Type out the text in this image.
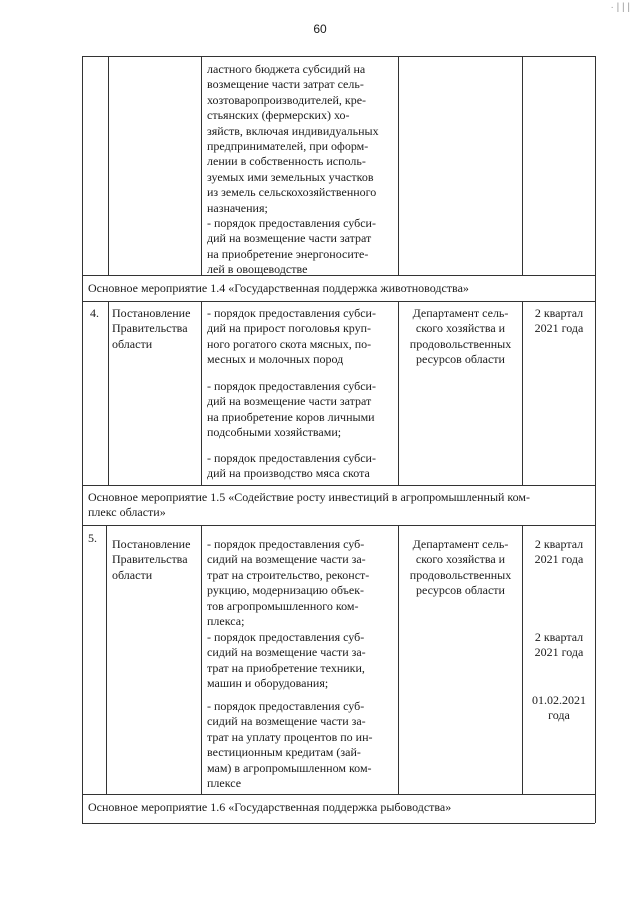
60
· | | |
ластного бюджета субсидий на
возмещение части затрат сель-
хозтоваропроизводителей, кре-
стьянских (фермерских) хо-
зяйств, включая индивидуальных
предпринимателей, при оформ-
лении в собственность исполь-
зуемых ими земельных участков
из земель сельскохозяйственного
назначения;
- порядок предоставления субси-
дий на возмещение части затрат
на приобретение энергоносите-
лей в овощеводстве
Основное мероприятие 1.4 «Государственная поддержка животноводства»
4. Постановление
Правительства
области
- порядок предоставления субси-
дий на прирост поголовья круп-
ного рогатого скота мясных, по-
месных и молочных пород
- порядок предоставления субси-
дий на возмещение части затрат
на приобретение коров личными
подсобными хозяйствами;
- порядок предоставления субси-
дий на производство мяса скота
Департамент сель-
ского хозяйства и
продовольственных
ресурсов области
2 квартал
2021 года
Основное мероприятие 1.5 «Содействие росту инвестиций в агропромышленный ком-
плекс области»
5. Постановление
Правительства
области
- порядок предоставления суб-
сидий на возмещение части за-
трат на строительство, реконст-
рукцию, модернизацию объек-
тов агропромышленного ком-
плекса;
- порядок предоставления суб-
сидий на возмещение части за-
трат на приобретение техники,
машин и оборудования;
- порядок предоставления суб-
сидий на возмещение части за-
трат на уплату процентов по ин-
вестиционным кредитам (зай-
мам) в агропромышленном ком-
плексе
Департамент сель-
ского хозяйства и
продовольственных
ресурсов области
2 квартал
2021 года
2 квартал
2021 года
01.02.2021
года
Основное мероприятие 1.6 «Государственная поддержка рыбоводства»
